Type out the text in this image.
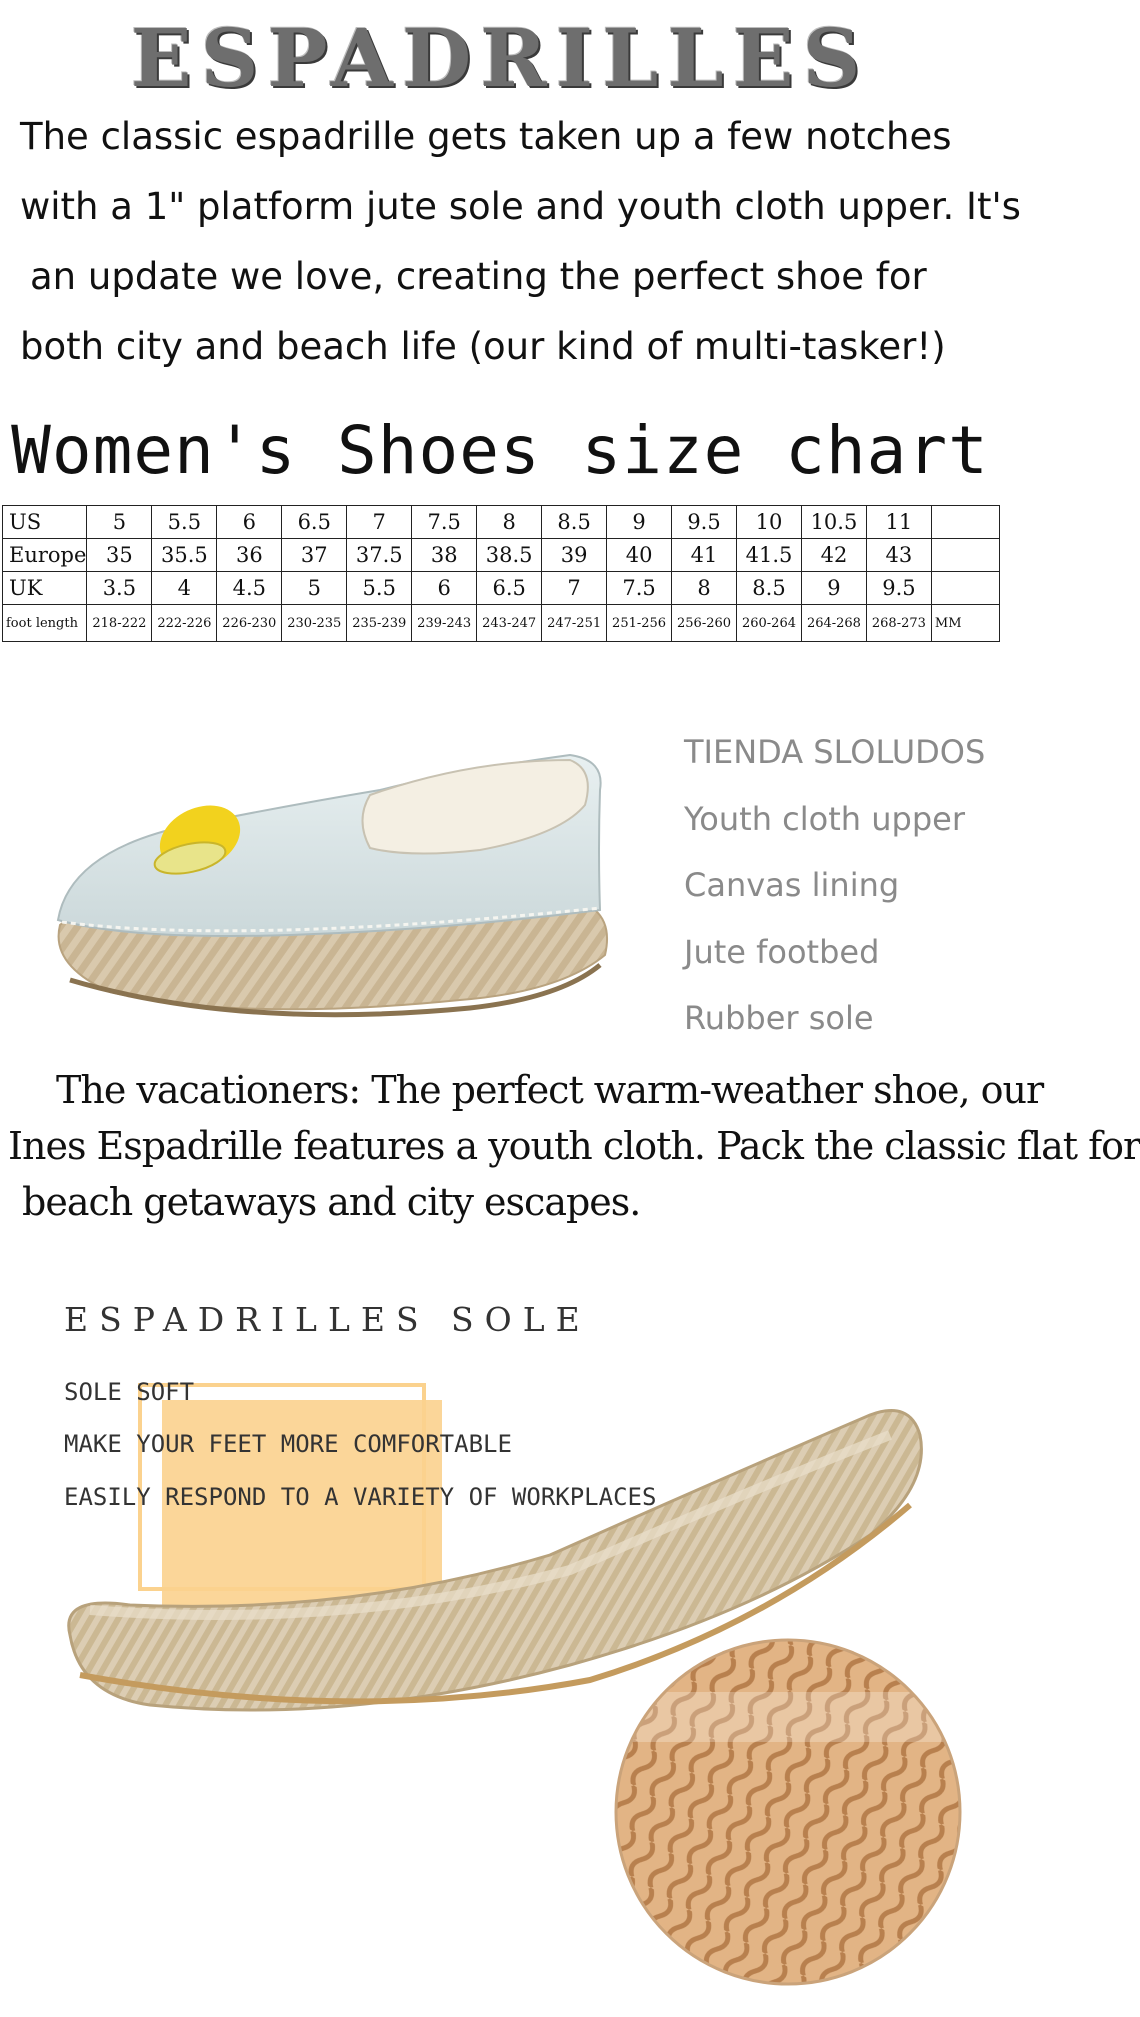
ESPADRILLES
The classic espadrille gets taken up a few notches
with a 1" platform jute sole and youth cloth upper. It's
an update we love, creating the perfect shoe for
both city and beach life (our kind of multi-tasker!)
Women's Shoes size chart
US	5	5.5	6	6.5	7	7.5	8	8.5	9	9.5	10	10.5	11	
Europe	35	35.5	36	37	37.5	38	38.5	39	40	41	41.5	42	43	
UK	3.5	4	4.5	5	5.5	6	6.5	7	7.5	8	8.5	9	9.5	
foot length	218-222	222-226	226-230	230-235	235-239	239-243	243-247	247-251	251-256	256-260	260-264	264-268	268-273	MM
TIENDA SLOLUDOS
Youth cloth upper
Canvas lining
Jute footbed
Rubber sole
The vacationers: The perfect warm-weather shoe, our
Ines Espadrille features a youth cloth. Pack the classic flat for
beach getaways and city escapes.
ESPADRILLES SOLE
SOLE SOFT
MAKE YOUR FEET MORE COMFORTABLE
EASILY RESPOND TO A VARIETY OF WORKPLACES
